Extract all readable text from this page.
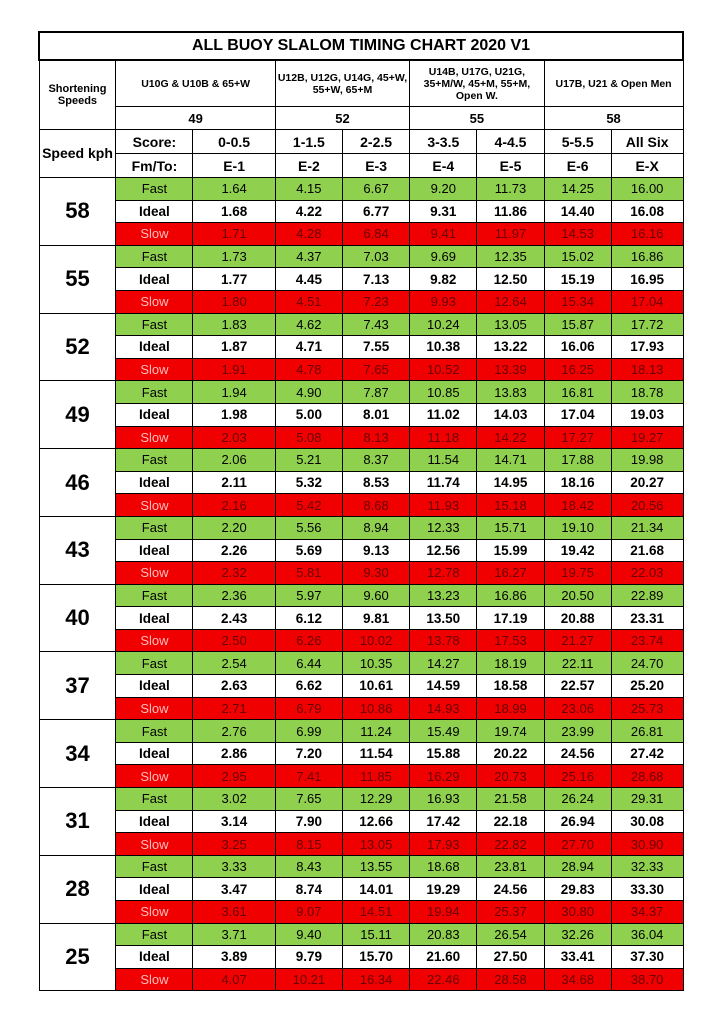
ALL BUOY SLALOM TIMING CHART 2020 V1								
Shortening Speeds	U10G & U10B & 65+W		U12B, U12G, U14G, 45+W, 55+W, 65+M		U14B, U17G, U21G, 35+M/W, 45+M, 55+M, Open W.		U17B, U21 & Open Men	
	49		52		55		58	
Speed kph	Score:	0-0.5	1-1.5	2-2.5	3-3.5	4-4.5	5-5.5	All Six
	Fm/To:	E-1	E-2	E-3	E-4	E-5	E-6	E-X
58	Fast	1.64	4.15	6.67	9.20	11.73	14.25	16.00
	Ideal	1.68	4.22	6.77	9.31	11.86	14.40	16.08
	Slow	1.71	4.28	6.84	9.41	11.97	14.53	16.16
55	Fast	1.73	4.37	7.03	9.69	12.35	15.02	16.86
	Ideal	1.77	4.45	7.13	9.82	12.50	15.19	16.95
	Slow	1.80	4.51	7.23	9.93	12.64	15.34	17.04
52	Fast	1.83	4.62	7.43	10.24	13.05	15.87	17.72
	Ideal	1.87	4.71	7.55	10.38	13.22	16.06	17.93
	Slow	1.91	4.78	7.65	10.52	13.39	16.25	18.13
49	Fast	1.94	4.90	7.87	10.85	13.83	16.81	18.78
	Ideal	1.98	5.00	8.01	11.02	14.03	17.04	19.03
	Slow	2.03	5.08	8.13	11.18	14.22	17.27	19.27
46	Fast	2.06	5.21	8.37	11.54	14.71	17.88	19.98
	Ideal	2.11	5.32	8.53	11.74	14.95	18.16	20.27
	Slow	2.16	5.42	8.68	11.93	15.18	18.42	20.56
43	Fast	2.20	5.56	8.94	12.33	15.71	19.10	21.34
	Ideal	2.26	5.69	9.13	12.56	15.99	19.42	21.68
	Slow	2.32	5.81	9.30	12.78	16.27	19.75	22.03
40	Fast	2.36	5.97	9.60	13.23	16.86	20.50	22.89
	Ideal	2.43	6.12	9.81	13.50	17.19	20.88	23.31
	Slow	2.50	6.26	10.02	13.78	17.53	21.27	23.74
37	Fast	2.54	6.44	10.35	14.27	18.19	22.11	24.70
	Ideal	2.63	6.62	10.61	14.59	18.58	22.57	25.20
	Slow	2.71	6.79	10.86	14.93	18.99	23.06	25.73
34	Fast	2.76	6.99	11.24	15.49	19.74	23.99	26.81
	Ideal	2.86	7.20	11.54	15.88	20.22	24.56	27.42
	Slow	2.95	7.41	11.85	16.29	20.73	25.16	28.68
31	Fast	3.02	7.65	12.29	16.93	21.58	26.24	29.31
	Ideal	3.14	7.90	12.66	17.42	22.18	26.94	30.08
	Slow	3.25	8.15	13.05	17.93	22.82	27.70	30.90
28	Fast	3.33	8.43	13.55	18.68	23.81	28.94	32.33
	Ideal	3.47	8.74	14.01	19.29	24.56	29.83	33.30
	Slow	3.61	9.07	14.51	19.94	25.37	30.80	34.37
25	Fast	3.71	9.40	15.11	20.83	26.54	32.26	36.04
	Ideal	3.89	9.79	15.70	21.60	27.50	33.41	37.30
	Slow	4.07	10.21	16.34	22.46	28.58	34.68	38.70
